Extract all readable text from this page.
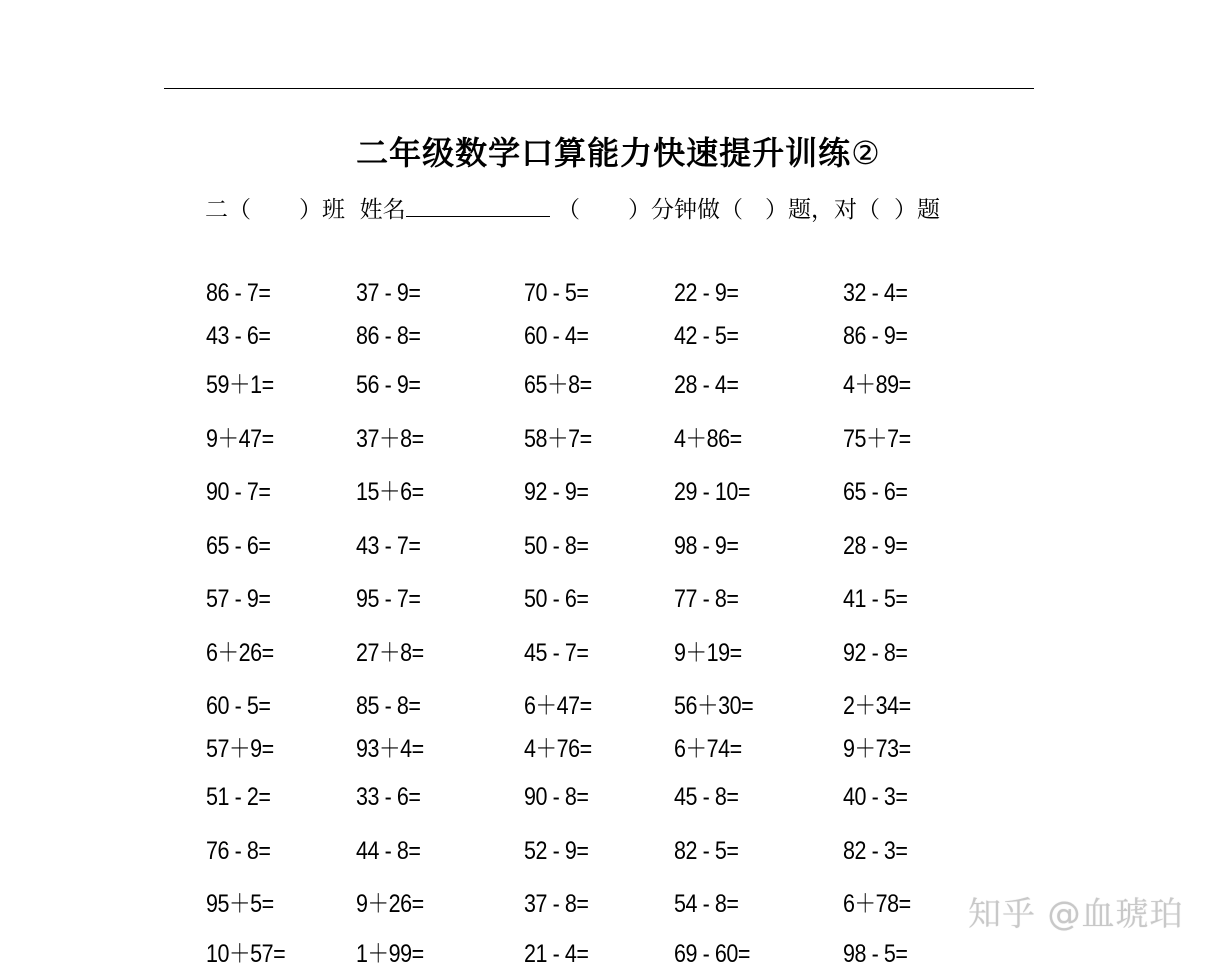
二年级数学口算能力快速提升训练②
二（ ）班 姓名	（ ）分钟做（ ）题，对（ ）题
86 - 7=	37 - 9=	70 - 5=	22 - 9=	32 - 4=
43 - 6=	86 - 8=	60 - 4=	42 - 5=	86 - 9=
59＋1=	56 - 9=	65＋8=	28 - 4=	4＋89=
9＋47=	37＋8=	58＋7=	4＋86=	75＋7=
90 - 7=	15＋6=	92 - 9=	29 - 10=	65 - 6=
65 - 6=	43 - 7=	50 - 8=	98 - 9=	28 - 9=
57 - 9=	95 - 7=	50 - 6=	77 - 8=	41 - 5=
6＋26=	27＋8=	45 - 7=	9＋19=	92 - 8=
60 - 5=	85 - 8=	6＋47=	56＋30=	2＋34=
57＋9=	93＋4=	4＋76=	6＋74=	9＋73=
51 - 2=	33 - 6=	90 - 8=	45 - 8=	40 - 3=
76 - 8=	44 - 8=	52 - 9=	82 - 5=	82 - 3=
95＋5=	9＋26=	37 - 8=	54 - 8=	6＋78=
10＋57=	1＋99=	21 - 4=	69 - 60=	98 - 5=
知乎 @血琥珀
